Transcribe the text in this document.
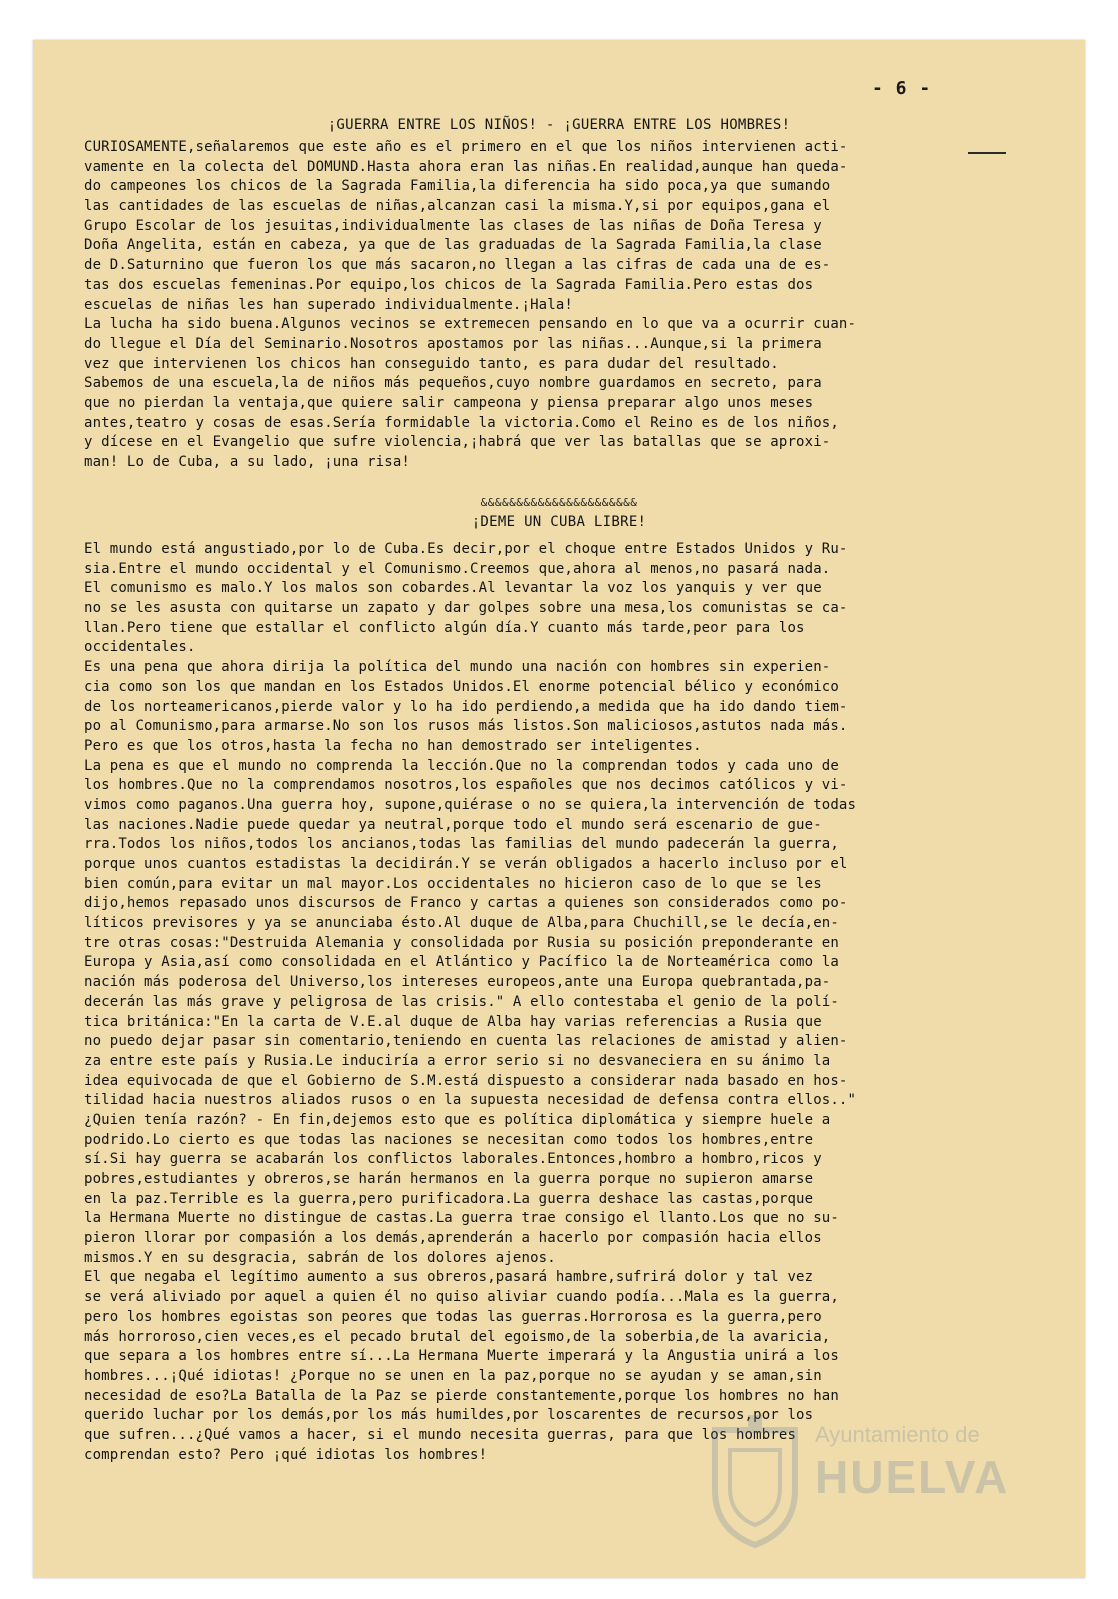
- 6 -
¡GUERRA ENTRE LOS NIÑOS! - ¡GUERRA ENTRE LOS HOMBRES!
CURIOSAMENTE,señalaremos que este año es el primero en el que los niños intervienen acti-
vamente en la colecta del DOMUND.Hasta ahora eran las niñas.En realidad,aunque han queda-
do campeones los chicos de la Sagrada Familia,la diferencia ha sido poca,ya que sumando
las cantidades de las escuelas de niñas,alcanzan casi la misma.Y,si por equipos,gana el
Grupo Escolar de los jesuitas,individualmente las clases de las niñas de Doña Teresa y
Doña Angelita, están en cabeza, ya que de las graduadas de la Sagrada Familia,la clase
de D.Saturnino que fueron los que más sacaron,no llegan a las cifras de cada una de es-
tas dos escuelas femeninas.Por equipo,los chicos de la Sagrada Familia.Pero estas dos
escuelas de niñas les han superado individualmente.¡Hala!
La lucha ha sido buena.Algunos vecinos se extremecen pensando en lo que va a ocurrir cuan-
do llegue el Día del Seminario.Nosotros apostamos por las niñas...Aunque,si la primera
vez que intervienen los chicos han conseguido tanto, es para dudar del resultado.
Sabemos de una escuela,la de niños más pequeños,cuyo nombre guardamos en secreto, para
que no pierdan la ventaja,que quiere salir campeona y piensa preparar algo unos meses
antes,teatro y cosas de esas.Sería formidable la victoria.Como el Reino es de los niños,
y dícese en el Evangelio que sufre violencia,¡habrá que ver las batallas que se aproxi-
man! Lo de Cuba, a su lado, ¡una risa!
&&&&&&&&&&&&&&&&&&&&&&
¡DEME UN CUBA LIBRE!
El mundo está angustiado,por lo de Cuba.Es decir,por el choque entre Estados Unidos y Ru-
sia.Entre el mundo occidental y el Comunismo.Creemos que,ahora al menos,no pasará nada.
El comunismo es malo.Y los malos son cobardes.Al levantar la voz los yanquis y ver que
no se les asusta con quitarse un zapato y dar golpes sobre una mesa,los comunistas se ca-
llan.Pero tiene que estallar el conflicto algún día.Y cuanto más tarde,peor para los
occidentales.
Es una pena que ahora dirija la política del mundo una nación con hombres sin experien-
cia como son los que mandan en los Estados Unidos.El enorme potencial bélico y económico
de los norteamericanos,pierde valor y lo ha ido perdiendo,a medida que ha ido dando tiem-
po al Comunismo,para armarse.No son los rusos más listos.Son maliciosos,astutos nada más.
Pero es que los otros,hasta la fecha no han demostrado ser inteligentes.
La pena es que el mundo no comprenda la lección.Que no la comprendan todos y cada uno de
los hombres.Que no la comprendamos nosotros,los españoles que nos decimos católicos y vi-
vimos como paganos.Una guerra hoy, supone,quiérase o no se quiera,la intervención de todas
las naciones.Nadie puede quedar ya neutral,porque todo el mundo será escenario de gue-
rra.Todos los niños,todos los ancianos,todas las familias del mundo padecerán la guerra,
porque unos cuantos estadistas la decidirán.Y se verán obligados a hacerlo incluso por el
bien común,para evitar un mal mayor.Los occidentales no hicieron caso de lo que se les
dijo,hemos repasado unos discursos de Franco y cartas a quienes son considerados como po-
líticos previsores y ya se anunciaba ésto.Al duque de Alba,para Chuchill,se le decía,en-
tre otras cosas:"Destruida Alemania y consolidada por Rusia su posición preponderante en
Europa y Asia,así como consolidada en el Atlántico y Pacífico la de Norteamérica como la
nación más poderosa del Universo,los intereses europeos,ante una Europa quebrantada,pa-
decerán las más grave y peligrosa de las crisis." A ello contestaba el genio de la polí-
tica británica:"En la carta de V.E.al duque de Alba hay varias referencias a Rusia que
no puedo dejar pasar sin comentario,teniendo en cuenta las relaciones de amistad y alien-
za entre este país y Rusia.Le induciría a error serio si no desvaneciera en su ánimo la
idea equivocada de que el Gobierno de S.M.está dispuesto a considerar nada basado en hos-
tilidad hacia nuestros aliados rusos o en la supuesta necesidad de defensa contra ellos.."
¿Quien tenía razón? - En fin,dejemos esto que es política diplomática y siempre huele a
podrido.Lo cierto es que todas las naciones se necesitan como todos los hombres,entre
sí.Si hay guerra se acabarán los conflictos laborales.Entonces,hombro a hombro,ricos y
pobres,estudiantes y obreros,se harán hermanos en la guerra porque no supieron amarse
en la paz.Terrible es la guerra,pero purificadora.La guerra deshace las castas,porque
la Hermana Muerte no distingue de castas.La guerra trae consigo el llanto.Los que no su-
pieron llorar por compasión a los demás,aprenderán a hacerlo por compasión hacia ellos
mismos.Y en su desgracia, sabrán de los dolores ajenos.
El que negaba el legítimo aumento a sus obreros,pasará hambre,sufrirá dolor y tal vez
se verá aliviado por aquel a quien él no quiso aliviar cuando podía...Mala es la guerra,
pero los hombres egoistas son peores que todas las guerras.Horrorosa es la guerra,pero
más horroroso,cien veces,es el pecado brutal del egoismo,de la soberbia,de la avaricia,
que separa a los hombres entre sí...La Hermana Muerte imperará y la Angustia unirá a los
hombres...¡Qué idiotas! ¿Porque no se unen en la paz,porque no se ayudan y se aman,sin
necesidad de eso?La Batalla de la Paz se pierde constantemente,porque los hombres no han
querido luchar por los demás,por los más humildes,por loscarentes de recursos,por los
que sufren...¿Qué vamos a hacer, si el mundo necesita guerras, para que los hombres
comprendan esto? Pero ¡qué idiotas los hombres!
Ayuntamiento de
HUELVA
